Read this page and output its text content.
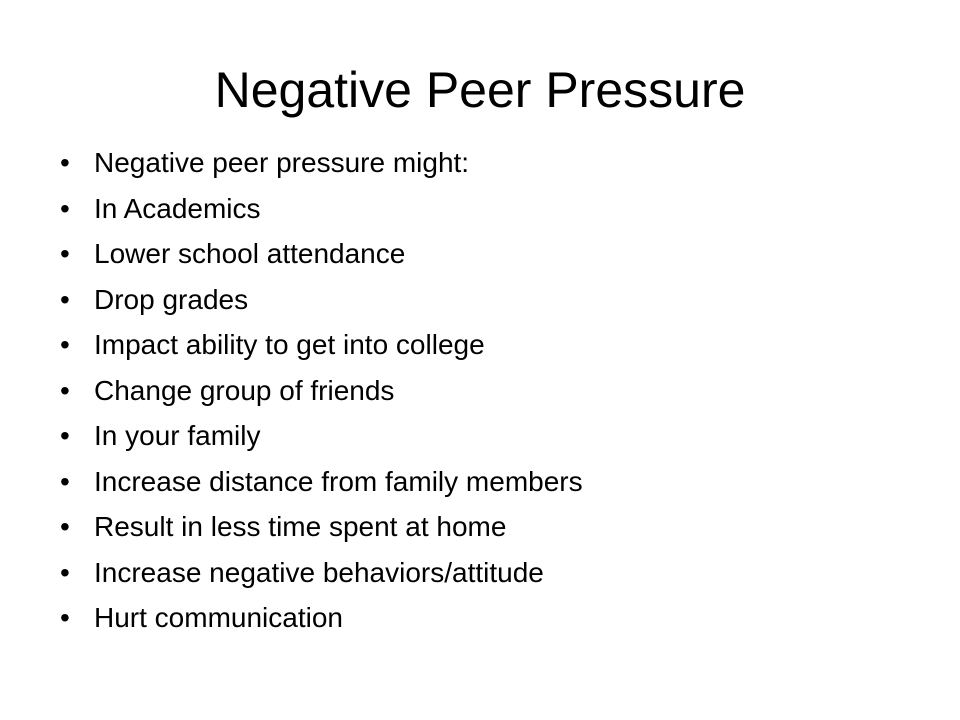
Negative Peer Pressure
• Negative peer pressure might:
• In Academics
• Lower school attendance
• Drop grades
• Impact ability to get into college
• Change group of friends
• In your family
• Increase distance from family members
• Result in less time spent at home
• Increase negative behaviors/attitude
• Hurt communication
